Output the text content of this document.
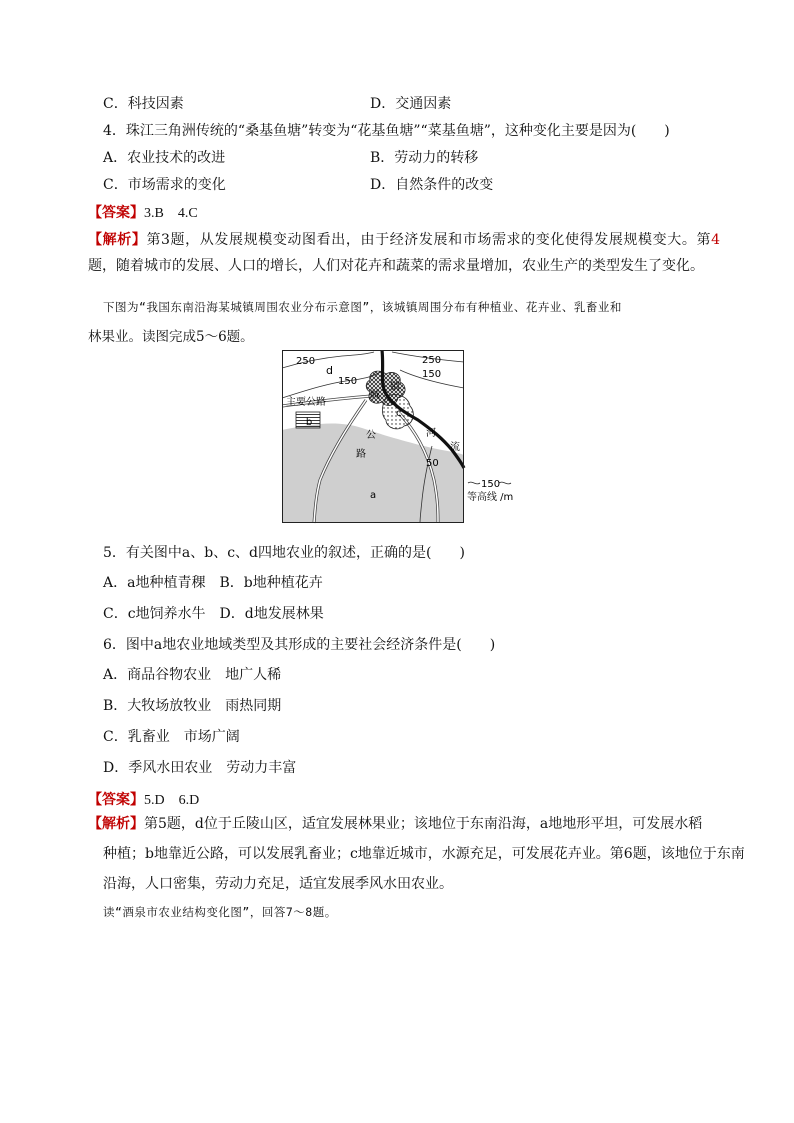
C．科技因素	D．交通因素
4．珠江三角洲传统的“桑基鱼塘”转变为“花基鱼塘”“菜基鱼塘”，这种变化主要是因为(　　)
A．农业技术的改进	B．劳动力的转移
C．市场需求的变化	D．自然条件的改变
【答案】3.B　4.C
【解析】第3题，从发展规模变动图看出，由于经济发展和市场需求的变化使得发展规模变大。第4题，随着城市的发展、人口的增长，人们对花卉和蔬菜的需求量增加，农业生产的类型发生了变化。
下图为“我国东南沿海某城镇周围农业分布示意图”，该城镇周围分布有种植业、花卉业、乳畜业和
林果业。读图完成5～6题。
250	250
150
150
50
d
b
c
a
主要公路
城
镇
河
流
公
路
150
等高线 /m
5．有关图中a、b、c、d四地农业的叙述，正确的是(　　)
A．a地种植青稞　B．b地种植花卉
C．c地饲养水牛　D．d地发展林果
6．图中a地农业地域类型及其形成的主要社会经济条件是(　　)
A．商品谷物农业　地广人稀
B．大牧场放牧业　雨热同期
C．乳畜业　市场广阔
D．季风水田农业　劳动力丰富
【答案】5.D　6.D
【解析】第5题，d位于丘陵山区，适宜发展林果业；该地位于东南沿海，a地地形平坦，可发展水稻
种植；b地靠近公路，可以发展乳畜业；c地靠近城市，水源充足，可发展花卉业。第6题，该地位于东南
沿海，人口密集，劳动力充足，适宜发展季风水田农业。
读“酒泉市农业结构变化图”，回答7～8题。
